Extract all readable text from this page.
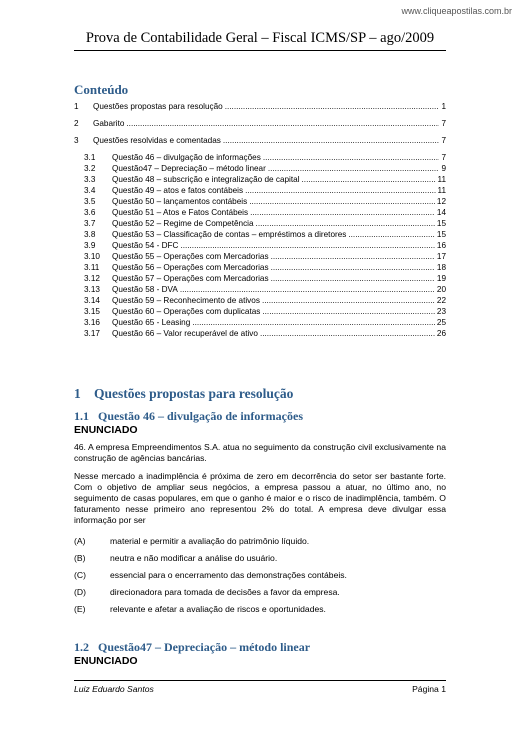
www.cliqueapostilas.com.br
Prova de Contabilidade Geral – Fiscal ICMS/SP – ago/2009
Conteúdo
1	Questões propostas para resolução .....	1
2	Gabarito .....	7
3	Questões resolvidas e comentadas .....	7
3.1	Questão 46 – divulgação de informações .....	7
3.2	Questão47 – Depreciação – método linear .....	9
3.3	Questão 48 – subscrição e integralização de capital .....	11
3.4	Questão 49 – atos e fatos contábeis .....	11
3.5	Questão 50 – lançamentos contábeis .....	12
3.6	Questão 51 – Atos e Fatos Contábeis .....	14
3.7	Questão 52 – Regime de Competência .....	15
3.8	Questão 53 – Classificação de contas – empréstimos a diretores .....	15
3.9	Questão 54 - DFC .....	16
3.10	Questão 55 – Operações com Mercadorias .....	17
3.11	Questão 56 – Operações com Mercadorias .....	18
3.12	Questão 57 – Operações com Mercadorias .....	19
3.13	Questão 58 - DVA .....	20
3.14	Questão 59 – Reconhecimento de ativos .....	22
3.15	Questão 60 – Operações com duplicatas .....	23
3.16	Questão 65 - Leasing .....	25
3.17	Questão 66 – Valor recuperável de ativo .....	26
1 Questões propostas para resolução
1.1 Questão 46 – divulgação de informações
ENUNCIADO
46. A empresa Empreendimentos S.A. atua no seguimento da construção civil exclusivamente na construção de agências bancárias.
Nesse mercado a inadimplência é próxima de zero em decorrência do setor ser bastante forte. Com o objetivo de ampliar seus negócios, a empresa passou a atuar, no último ano, no seguimento de casas populares, em que o ganho é maior e o risco de inadimplência, também. O faturamento nesse primeiro ano representou 2% do total. A empresa deve divulgar essa informação por ser
(A)	material e permitir a avaliação do patrimônio líquido.
(B)	neutra e não modificar a análise do usuário.
(C)	essencial para o encerramento das demonstrações contábeis.
(D)	direcionadora para tomada de decisões a favor da empresa.
(E)	relevante e afetar a avaliação de riscos e oportunidades.
1.2 Questão47 – Depreciação – método linear
ENUNCIADO
Luiz Eduardo Santos	Página 1
